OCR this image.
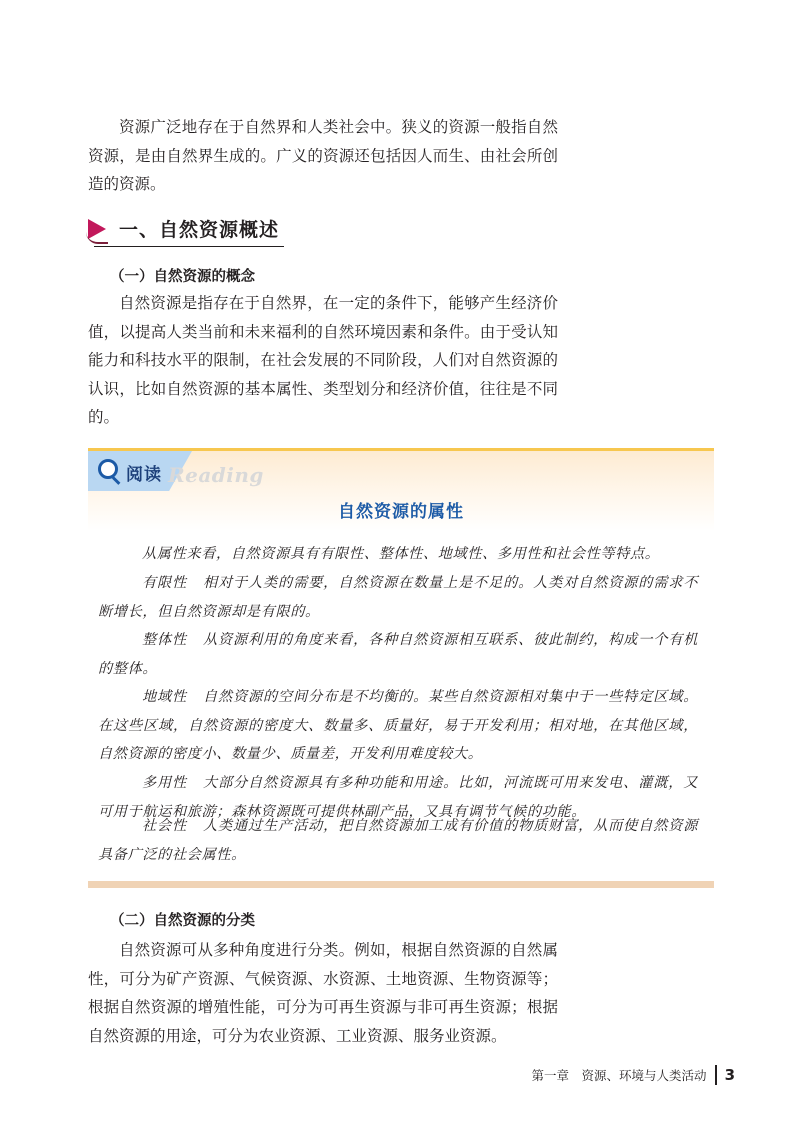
资源广泛地存在于自然界和人类社会中。狭义的资源一般指自然资源，是由自然界生成的。广义的资源还包括因人而生、由社会所创造的资源。

一、自然资源概述

（一）自然资源的概念

自然资源是指存在于自然界，在一定的条件下，能够产生经济价值，以提高人类当前和未来福利的自然环境因素和条件。由于受认知能力和科技水平的限制，在社会发展的不同阶段，人们对自然资源的认识，比如自然资源的基本属性、类型划分和经济价值，往往是不同的。

阅读 Reading
自然资源的属性

从属性来看，自然资源具有有限性、整体性、地域性、多用性和社会性等特点。

有限性 相对于人类的需要，自然资源在数量上是不足的。人类对自然资源的需求不断增长，但自然资源却是有限的。

整体性 从资源利用的角度来看，各种自然资源相互联系、彼此制约，构成一个有机的整体。

地域性 自然资源的空间分布是不均衡的。某些自然资源相对集中于一些特定区域。在这些区域，自然资源的密度大、数量多、质量好，易于开发利用；相对地，在其他区域，自然资源的密度小、数量少、质量差，开发利用难度较大。

多用性 大部分自然资源具有多种功能和用途。比如，河流既可用来发电、灌溉，又可用于航运和旅游；森林资源既可提供林副产品，又具有调节气候的功能。

社会性 人类通过生产活动，把自然资源加工成有价值的物质财富，从而使自然资源具备广泛的社会属性。

（二）自然资源的分类

自然资源可从多种角度进行分类。例如，根据自然资源的自然属性，可分为矿产资源、气候资源、水资源、土地资源、生物资源等；根据自然资源的增殖性能，可分为可再生资源与非可再生资源；根据自然资源的用途，可分为农业资源、工业资源、服务业资源。

第一章　资源、环境与人类活动 3
